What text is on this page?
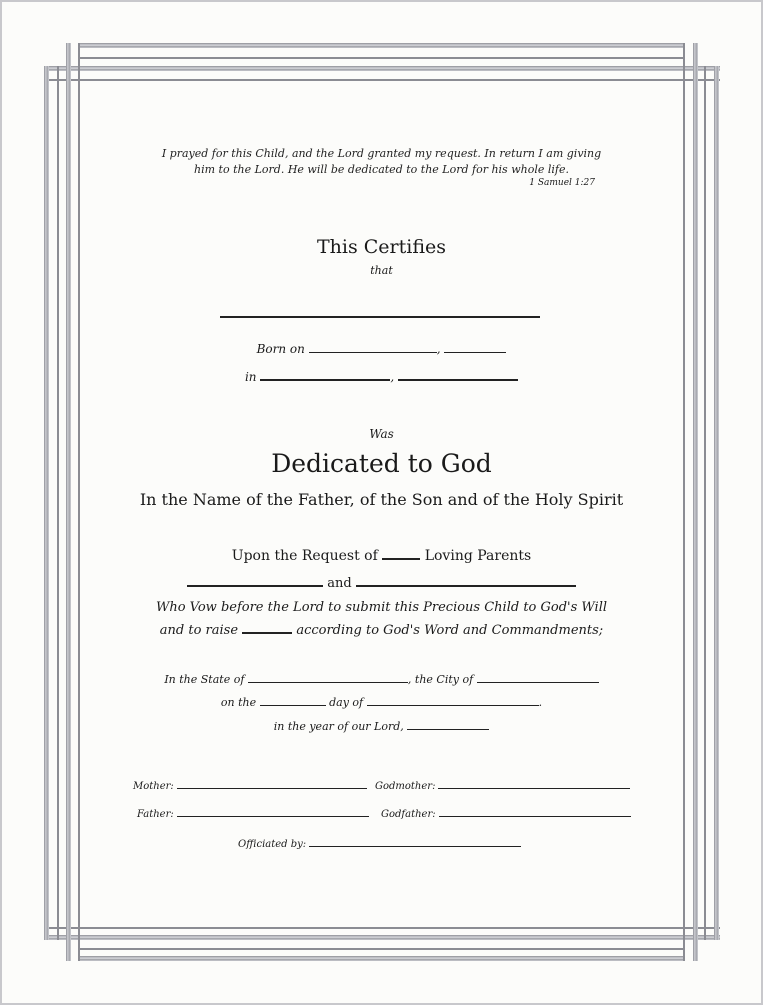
I prayed for this Child, and the Lord granted my request. In return I am giving
him to the Lord. He will be dedicated to the Lord for his whole life.
1 Samuel 1:27
This Certifies
that
Born on	,
in	,
Was
Dedicated to God
In the Name of the Father, of the Son and of the Holy Spirit
Upon the Request of	Loving Parents
and
Who Vow before the Lord to submit this Precious Child to God's Will
and to raise	according to God's Word and Commandments;
In the State of	, the City of
on the	day of	.
in the year of our Lord,
Mother:	Godmother:
Father:	Godfather:
Officiated by:
